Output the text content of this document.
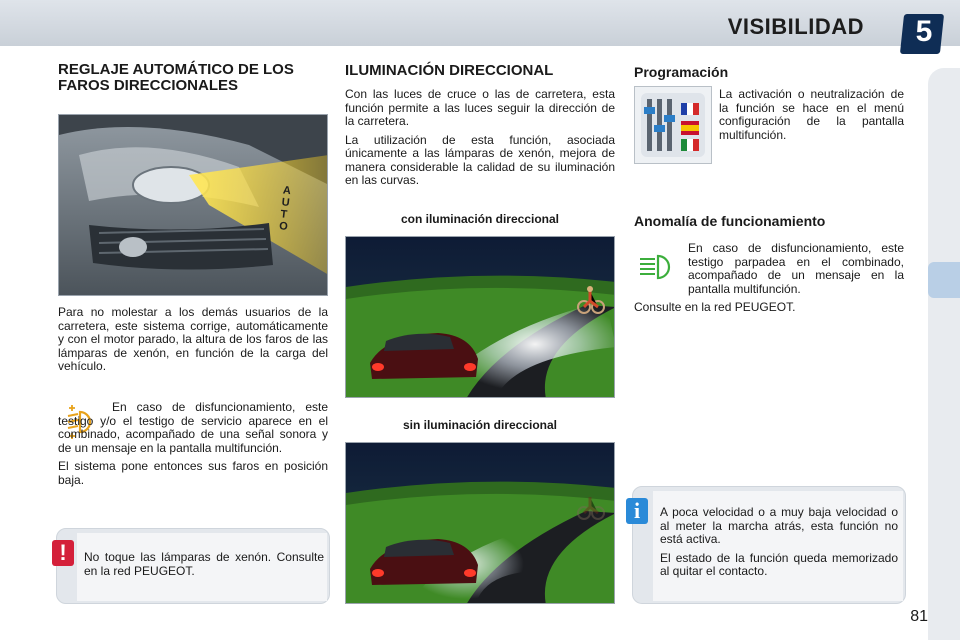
VISIBILIDAD 5
REGLAJE AUTOMÁTICO DE LOS FAROS DIRECCIONALES
AUTO
Para no molestar a los demás usuarios de la carretera, este sistema corrige, automáticamente y con el motor parado, la altura de los faros de las lámparas de xenón, en función de la carga del vehículo.

En caso de disfuncionamiento, este testigo y/o el testigo de servicio aparece en el combinado, acompañado de una señal sonora y de un mensaje en la pantalla multifunción.

El sistema pone entonces sus faros en posición baja.

!	No toque las lámparas de xenón. Consulte en la red PEUGEOT.
ILUMINACIÓN DIRECCIONAL

Con las luces de cruce o las de carretera, esta función permite a las luces seguir la dirección de la carretera.

La utilización de esta función, asociada únicamente a las lámparas de xenón, mejora de manera considerable la calidad de su iluminación en las curvas.

con iluminación direccional
sin iluminación direccional
Programación
La activación o neutralización de la función se hace en el menú configuración de la pantalla multifunción.
Anomalía de funcionamiento

En caso de disfuncionamiento, este testigo parpadea en el combinado, acompañado de un mensaje en la pantalla multifunción.

Consulte en la red PEUGEOT.

i	A poca velocidad o a muy baja velocidad o al meter la marcha atrás, esta función no está activa.

El estado de la función queda memorizado al quitar el contacto.

81
